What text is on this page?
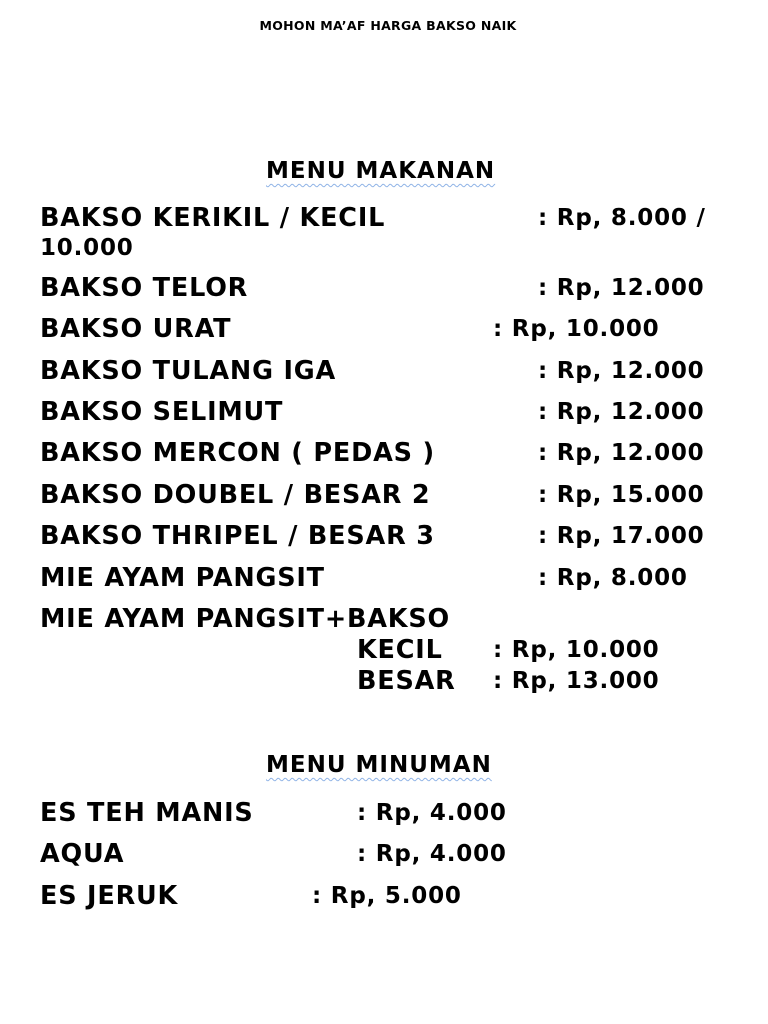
MOHON MA’AF HARGA BAKSO NAIK
MENU MAKANAN
BAKSO KERIKIL / KECIL	: Rp, 8.000 /
10.000
BAKSO TELOR	: Rp, 12.000
BAKSO URAT	: Rp, 10.000
BAKSO TULANG IGA	: Rp, 12.000
BAKSO SELIMUT	: Rp, 12.000
BAKSO MERCON ( PEDAS )	: Rp, 12.000
BAKSO DOUBEL / BESAR 2	: Rp, 15.000
BAKSO THRIPEL / BESAR 3	: Rp, 17.000
MIE AYAM PANGSIT	: Rp, 8.000
MIE AYAM PANGSIT+BAKSO
KECIL : Rp, 10.000
BESAR : Rp, 13.000
MENU MINUMAN
ES TEH MANIS	: Rp, 4.000
AQUA	: Rp, 4.000
ES JERUK	: Rp, 5.000
